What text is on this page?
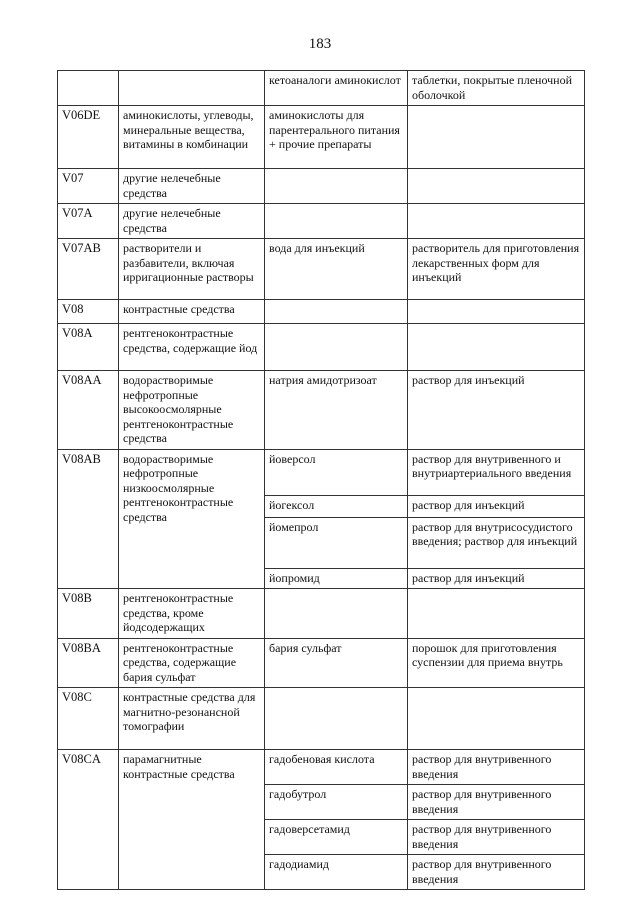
183
		кетоаналоги аминокислот	таблетки, покрытые пленочной оболочкой
V06DE	аминокислоты, углеводы, минеральные вещества, витамины в комбинации	аминокислоты для парентерального питания + прочие препараты	
V07	другие нелечебные средства		
V07A	другие нелечебные средства		
V07AB	растворители и разбавители, включая ирригационные растворы	вода для инъекций	растворитель для приготовления лекарственных форм для инъекций
V08	контрастные средства		
V08A	рентгеноконтрастные средства, содержащие йод		
V08AA	водорастворимые нефротропные высокоосмолярные рентгеноконтрастные средства	натрия амидотризоат	раствор для инъекций
V08AB	водорастворимые нефротропные низкоосмолярные рентгеноконтрастные средства	йоверсол	раствор для внутривенного и внутриартериального введения
		йогексол	раствор для инъекций
		йомепрол	раствор для внутрисосудистого введения; раствор для инъекций
		йопромид	раствор для инъекций
V08B	рентгеноконтрастные средства, кроме йодсодержащих		
V08BA	рентгеноконтрастные средства, содержащие бария сульфат	бария сульфат	порошок для приготовления суспензии для приема внутрь
V08C	контрастные средства для магнитно-резонансной томографии		
V08CA	парамагнитные контрастные средства	гадобеновая кислота	раствор для внутривенного введения
		гадобутрол	раствор для внутривенного введения
		гадоверсетамид	раствор для внутривенного введения
		гадодиамид	раствор для внутривенного введения
